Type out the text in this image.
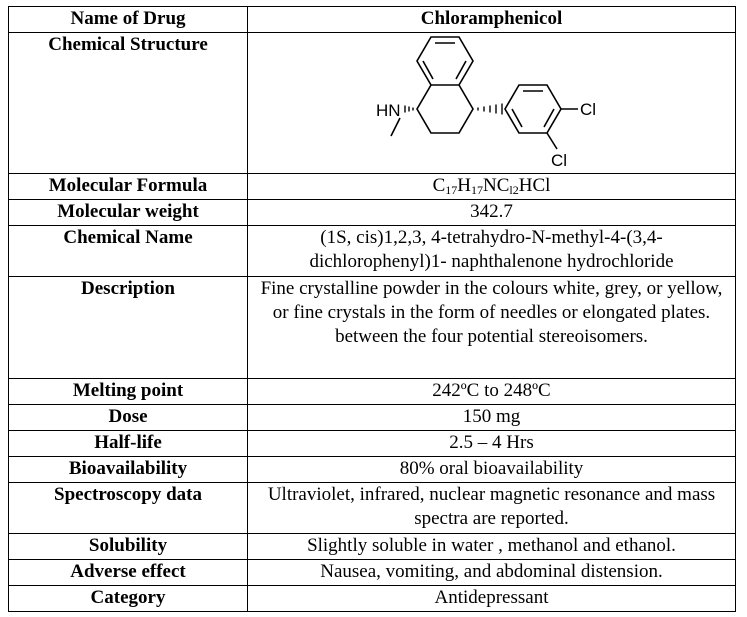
Name of Drug	Chloramphenicol
Chemical Structure	HN Cl
Cl

Molecular Formula	$C_{17}H_{17}NC_{l2}HCl$
Molecular weight	342.7
Chemical Name	(1S, cis)1,2,3, 4-tetrahydro-N-methyl-4-(3,4-dichlorophenyl)1- naphthalenone hydrochloride
Description	Fine crystalline powder in the colours white, grey, or yellow, or fine crystals in the form of needles or elongated plates. between the four potential stereoisomers.
Melting point	242ºC to 248ºC
Dose	150 mg
Half-life	2.5 – 4 Hrs
Bioavailability	80% oral bioavailability
Spectroscopy data	Ultraviolet, infrared, nuclear magnetic resonance and mass spectra are reported.
Solubility	Slightly soluble in water , methanol and ethanol.
Adverse effect	Nausea, vomiting, and abdominal distension.
Category	Antidepressant
